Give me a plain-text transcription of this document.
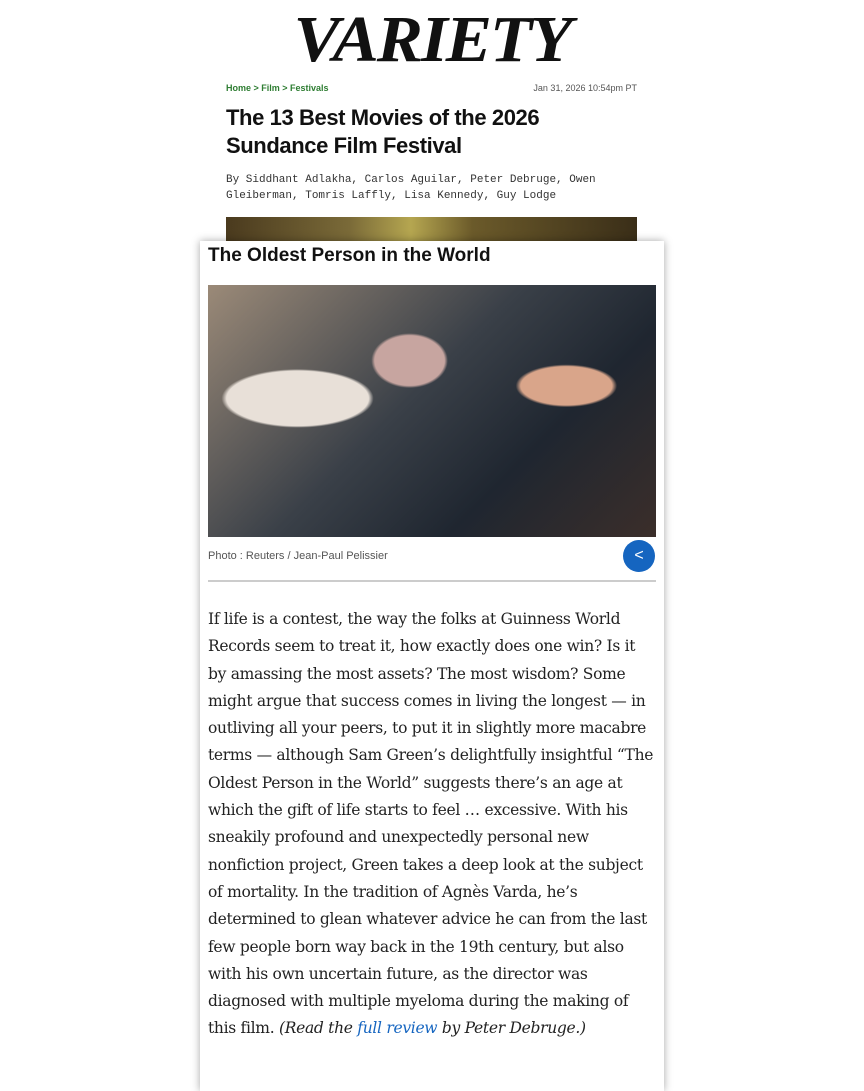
VARIETY
Home > Film > Festivals	Jan 31, 2026 10:54pm PT
The 13 Best Movies of the 2026 Sundance Film Festival
By Siddhant Adlakha, Carlos Aguilar, Peter Debruge, Owen Gleiberman, Tomris Laffly, Lisa Kennedy, Guy Lodge
The Oldest Person in the World
<
Photo : Reuters / Jean-Paul Pelissier
If life is a contest, the way the folks at Guinness World Records seem to treat it, how exactly does one win? Is it by amassing the most assets? The most wisdom? Some might argue that success comes in living the longest — in outliving all your peers, to put it in slightly more macabre terms — although Sam Green’s delightfully insightful “The Oldest Person in the World” suggests there’s an age at which the gift of life starts to feel … excessive. With his sneakily profound and unexpectedly personal new nonfiction project, Green takes a deep look at the subject of mortality. In the tradition of Agnès Varda, he’s determined to glean whatever advice he can from the last few people born way back in the 19th century, but also with his own uncertain future, as the director was diagnosed with multiple myeloma during the making of this film. (Read the full review by Peter Debruge.)
